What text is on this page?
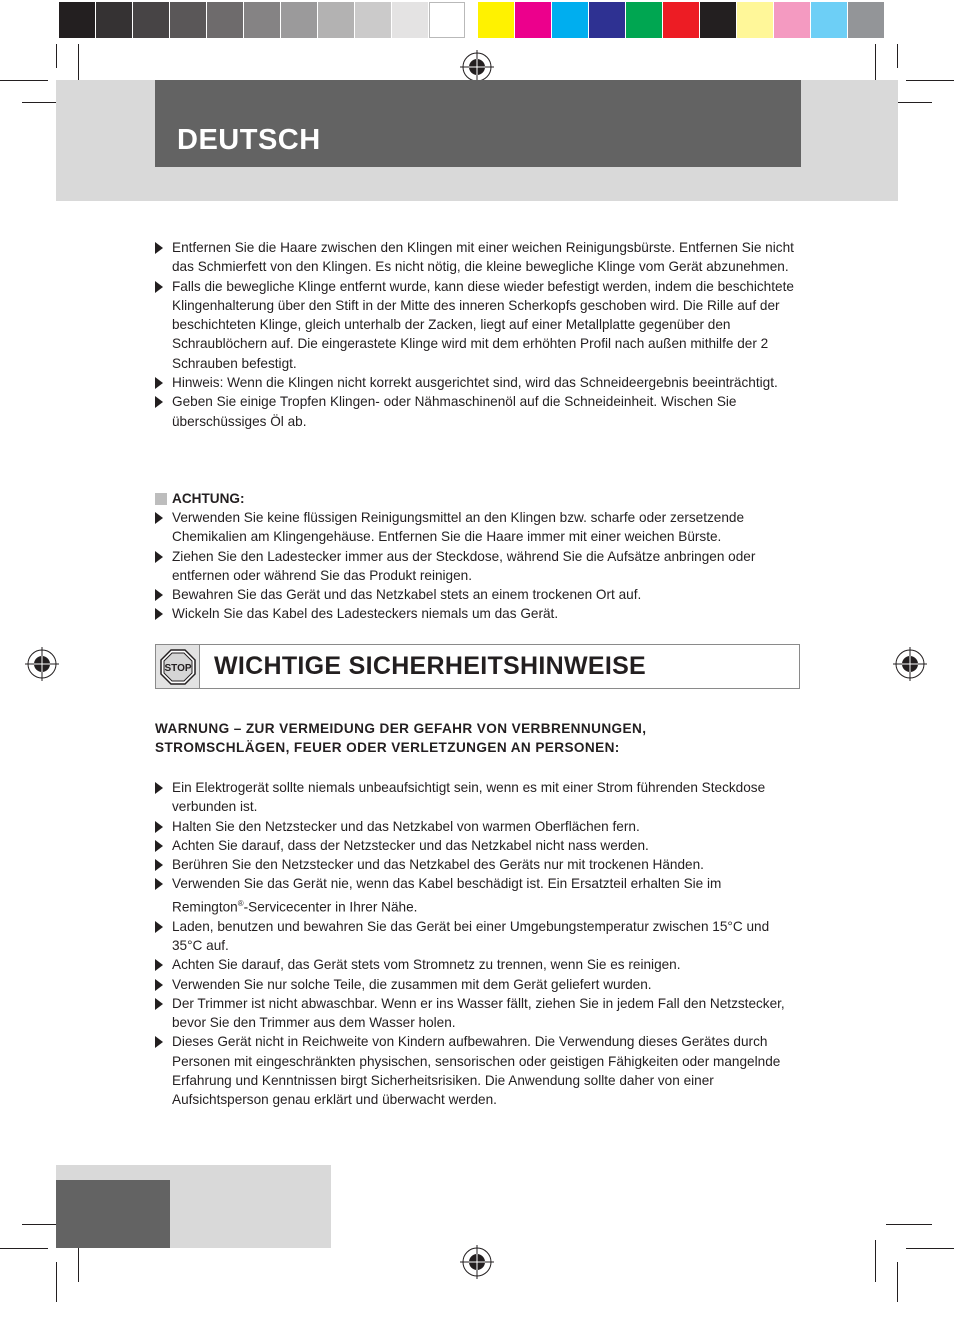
DEUTSCH
Entfernen Sie die Haare zwischen den Klingen mit einer weichen Reinigungsbürste. Entfernen Sie nicht das Schmierfett von den Klingen. Es nicht nötig, die kleine bewegliche Klinge vom Gerät abzunehmen.
Falls die bewegliche Klinge entfernt wurde, kann diese wieder befestigt werden, indem die beschichtete Klingenhalterung über den Stift in der Mitte des inneren Scherkopfs geschoben wird. Die Rille auf der beschichteten Klinge, gleich unterhalb der Zacken, liegt auf einer Metallplatte gegenüber den Schraublöchern auf. Die eingerastete Klinge wird mit dem erhöhten Profil nach außen mithilfe der 2 Schrauben befestigt.
Hinweis: Wenn die Klingen nicht korrekt ausgerichtet sind, wird das Schneideergebnis beeinträchtigt.
Geben Sie einige Tropfen Klingen- oder Nähmaschinenöl auf die Schneideinheit. Wischen Sie überschüssiges Öl ab.
ACHTUNG:
Verwenden Sie keine flüssigen Reinigungsmittel an den Klingen bzw. scharfe oder zersetzende Chemikalien am Klingengehäuse. Entfernen Sie die Haare immer mit einer weichen Bürste.
Ziehen Sie den Ladestecker immer aus der Steckdose, während Sie die Aufsätze anbringen oder entfernen oder während Sie das Produkt reinigen.
Bewahren Sie das Gerät und das Netzkabel stets an einem trockenen Ort auf.
Wickeln Sie das Kabel des Ladesteckers niemals um das Gerät.
STOP WICHTIGE SICHERHEITSHINWEISE

WARNUNG – ZUR VERMEIDUNG DER GEFAHR VON VERBRENNUNGEN,

STROMSCHLÄGEN, FEUER ODER VERLETZUNGEN AN PERSONEN:

Ein Elektrogerät sollte niemals unbeaufsichtigt sein, wenn es mit einer Strom führenden Steckdose verbunden ist.
Halten Sie den Netzstecker und das Netzkabel von warmen Oberflächen fern.
Achten Sie darauf, dass der Netzstecker und das Netzkabel nicht nass werden.
Berühren Sie den Netzstecker und das Netzkabel des Geräts nur mit trockenen Händen.
Verwenden Sie das Gerät nie, wenn das Kabel beschädigt ist. Ein Ersatzteil erhalten Sie im Remington®-Servicecenter in Ihrer Nähe.
Laden, benutzen und bewahren Sie das Gerät bei einer Umgebungstemperatur zwischen 15°C und 35°C auf.
Achten Sie darauf, das Gerät stets vom Stromnetz zu trennen, wenn Sie es reinigen.
Verwenden Sie nur solche Teile, die zusammen mit dem Gerät geliefert wurden.
Der Trimmer ist nicht abwaschbar. Wenn er ins Wasser fällt, ziehen Sie in jedem Fall den Netzstecker, bevor Sie den Trimmer aus dem Wasser holen.
Dieses Gerät nicht in Reichweite von Kindern aufbewahren. Die Verwendung dieses Gerätes durch Personen mit eingeschränkten physischen, sensorischen oder geistigen Fähigkeiten oder mangelnde Erfahrung und Kenntnissen birgt Sicherheitsrisiken. Die Anwendung sollte daher von einer Aufsichtsperson genau erklärt und überwacht werden.
